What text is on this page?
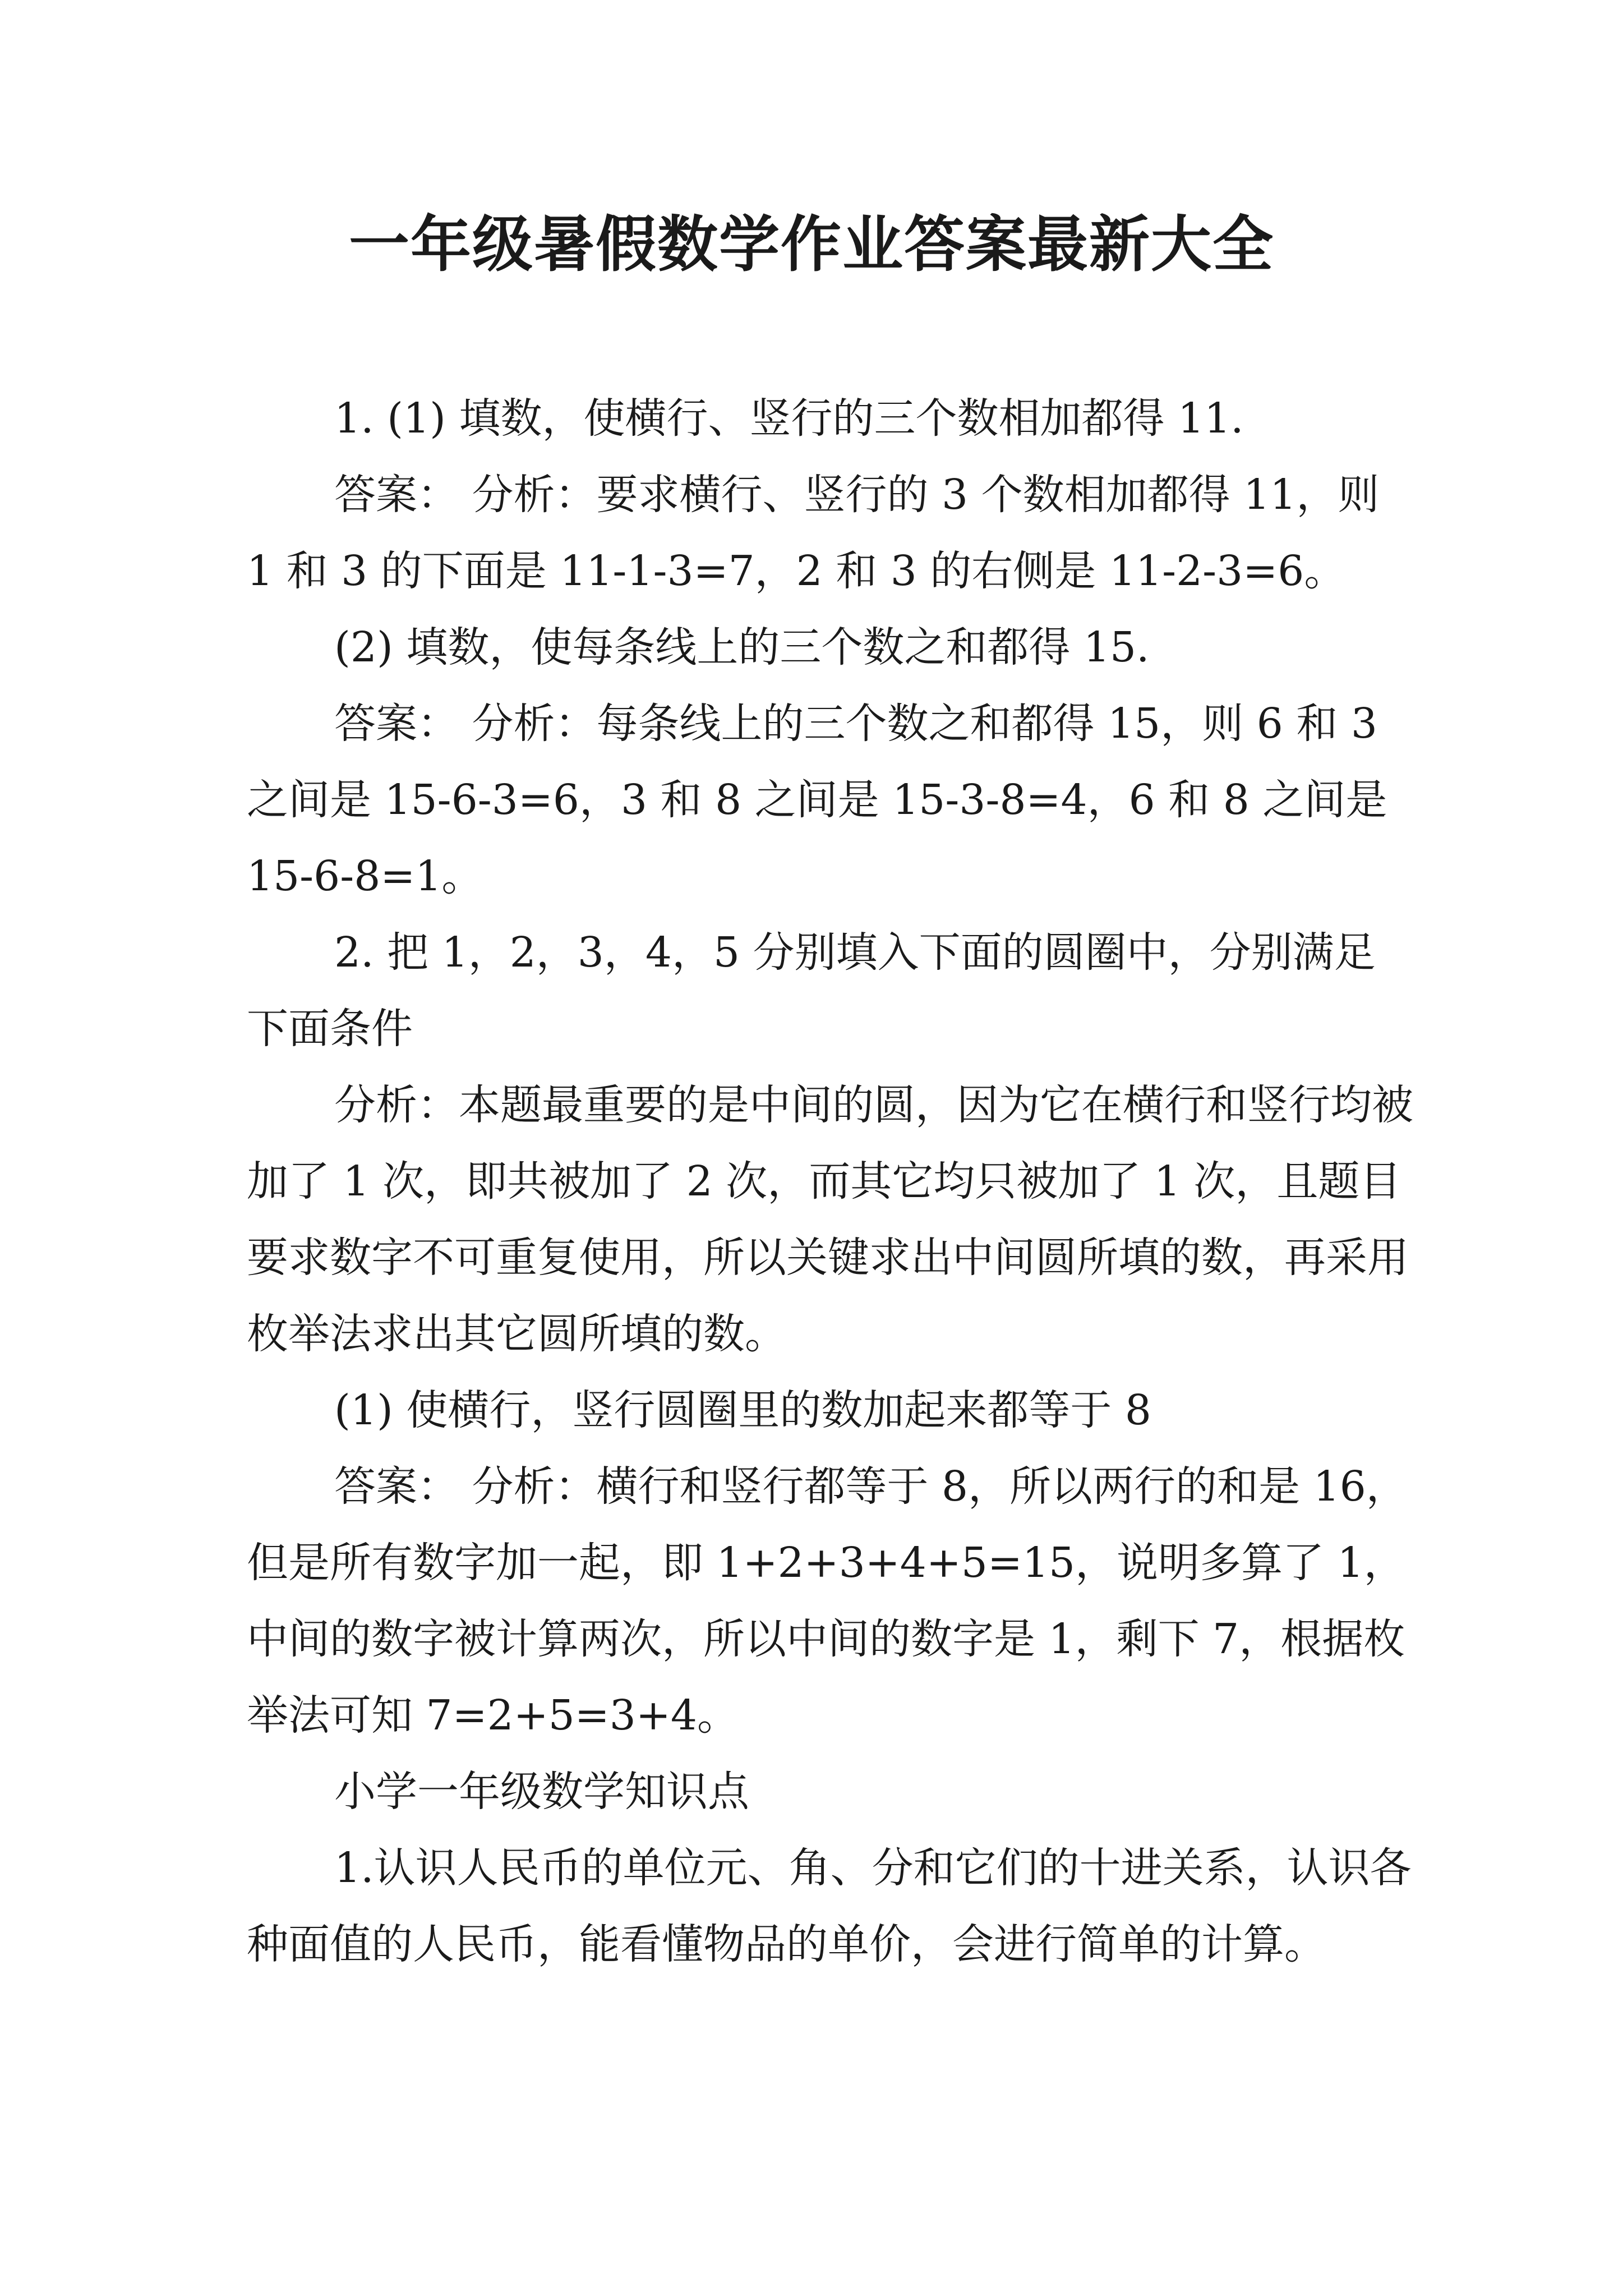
一年级暑假数学作业答案最新大全

1. (1) 填数，使横行、竖行的三个数相加都得 11.

答案： 分析：要求横行、竖行的 3 个数相加都得 11，则 1 和 3 的下面是 11-1-3=7，2 和 3 的右侧是 11-2-3=6。

(2) 填数，使每条线上的三个数之和都得 15.

答案： 分析：每条线上的三个数之和都得 15，则 6 和 3 之间是 15-6-3=6，3 和 8 之间是 15-3-8=4，6 和 8 之间是 15-6-8=1。

2. 把 1，2，3，4，5 分别填入下面的圆圈中，分别满足下面条件

分析：本题最重要的是中间的圆，因为它在横行和竖行均被加了 1 次，即共被加了 2 次，而其它均只被加了 1 次，且题目要求数字不可重复使用，所以关键求出中间圆所填的数，再采用枚举法求出其它圆所填的数。

(1) 使横行，竖行圆圈里的数加起来都等于 8

答案： 分析：横行和竖行都等于 8，所以两行的和是 16，但是所有数字加一起，即 1+2+3+4+5=15，说明多算了 1，中间的数字被计算两次，所以中间的数字是 1，剩下 7，根据枚举法可知 7=2+5=3+4。

小学一年级数学知识点

1.认识人民币的单位元、角、分和它们的十进关系，认识各种面值的人民币，能看懂物品的单价，会进行简单的计算。
